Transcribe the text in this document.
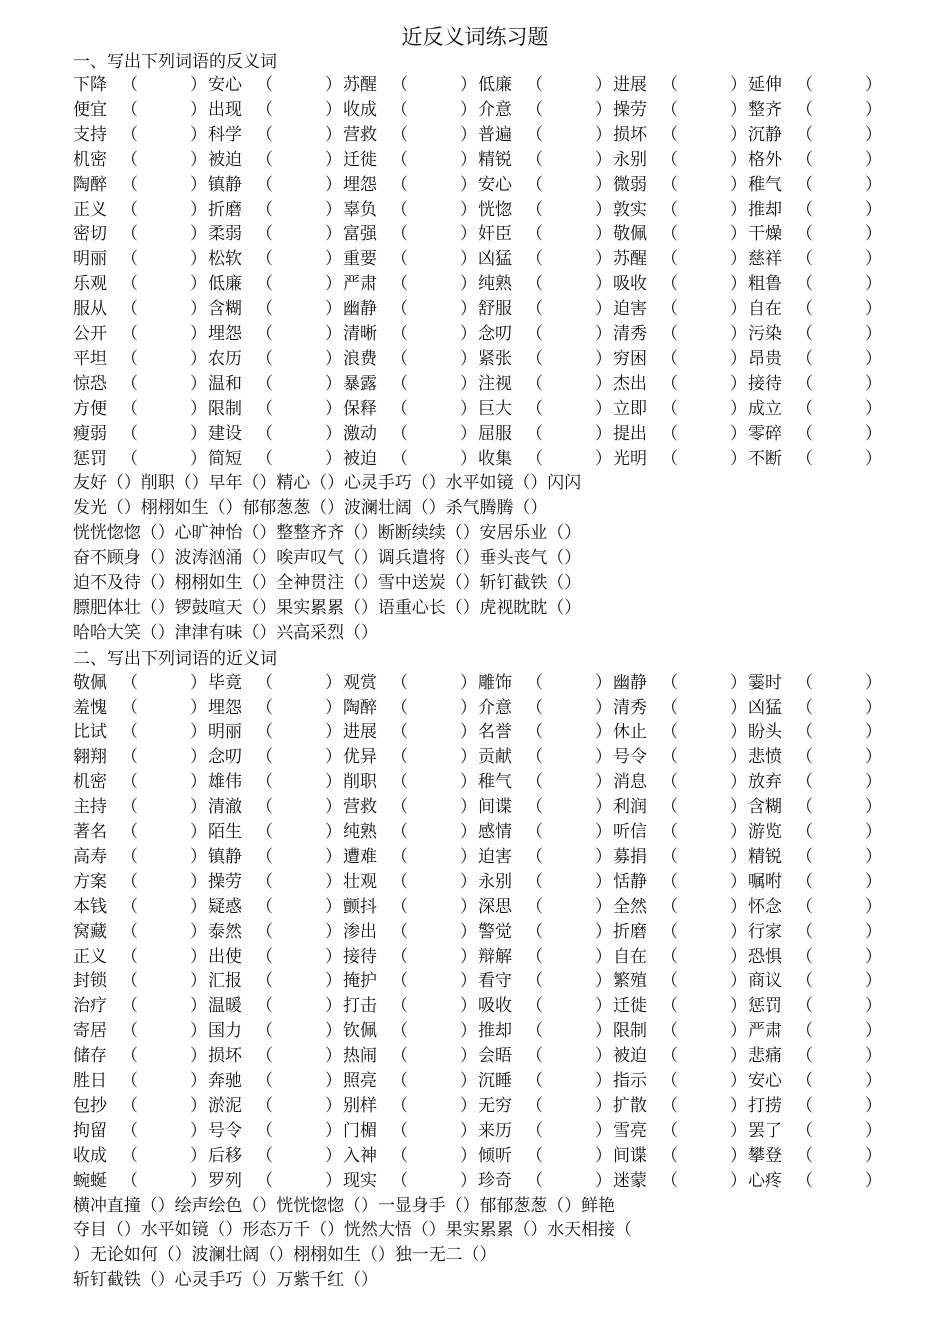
近反义词练习题
一、写出下列词语的反义词
下降 （	） 安心 （	） 苏醒 （	） 低廉 （	） 进展 （	） 延伸 （	）
便宜 （	） 出现 （	） 收成 （	） 介意 （	） 操劳 （	） 整齐 （	）
支持 （	） 科学 （	） 营救 （	） 普遍 （	） 损坏 （	） 沉静 （	）
机密 （	） 被迫 （	） 迁徙 （	） 精锐 （	） 永别 （	） 格外 （	）
陶醉 （	） 镇静 （	） 埋怨 （	） 安心 （	） 微弱 （	） 稚气 （	）
正义 （	） 折磨 （	） 辜负 （	） 恍惚 （	） 敦实 （	） 推却 （	）
密切 （	） 柔弱 （	） 富强 （	） 奸臣 （	） 敬佩 （	） 干燥 （	）
明丽 （	） 松软 （	） 重要 （	） 凶猛 （	） 苏醒 （	） 慈祥 （	）
乐观 （	） 低廉 （	） 严肃 （	） 纯熟 （	） 吸收 （	） 粗鲁 （	）
服从 （	） 含糊 （	） 幽静 （	） 舒服 （	） 迫害 （	） 自在 （	）
公开 （	） 埋怨 （	） 清晰 （	） 念叨 （	） 清秀 （	） 污染 （	）
平坦 （	） 农历 （	） 浪费 （	） 紧张 （	） 穷困 （	） 昂贵 （	）
惊恐 （	） 温和 （	） 暴露 （	） 注视 （	） 杰出 （	） 接待 （	）
方便 （	） 限制 （	） 保释 （	） 巨大 （	） 立即 （	） 成立 （	）
瘦弱 （	） 建设 （	） 激动 （	） 屈服 （	） 提出 （	） 零碎 （	）
惩罚 （	） 简短 （	） 被迫 （	） 收集 （	） 光明 （	） 不断 （	）
友好（）削职（）早年（）精心（）心灵手巧（）水平如镜（）闪闪
发光（）栩栩如生（）郁郁葱葱（）波澜壮阔（）杀气腾腾（）
恍恍惚惚（）心旷神怡（）整整齐齐（）断断续续（）安居乐业（）
奋不顾身（）波涛汹涌（）唉声叹气（）调兵遣将（）垂头丧气（）
迫不及待（）栩栩如生（）全神贯注（）雪中送炭（）斩钉截铁（）
膘肥体壮（）锣鼓喧天（）果实累累（）语重心长（）虎视眈眈（）
哈哈大笑（）津津有味（）兴高采烈（）
二、写出下列词语的近义词
敬佩 （	） 毕竟 （	） 观赏 （	） 雕饰 （	） 幽静 （	） 霎时 （	）
羞愧 （	） 埋怨 （	） 陶醉 （	） 介意 （	） 清秀 （	） 凶猛 （	）
比试 （	） 明丽 （	） 进展 （	） 名誉 （	） 休止 （	） 盼头 （	）
翱翔 （	） 念叨 （	） 优异 （	） 贡献 （	） 号令 （	） 悲愤 （	）
机密 （	） 雄伟 （	） 削职 （	） 稚气 （	） 消息 （	） 放弃 （	）
主持 （	） 清澈 （	） 营救 （	） 间谍 （	） 利润 （	） 含糊 （	）
著名 （	） 陌生 （	） 纯熟 （	） 感情 （	） 听信 （	） 游览 （	）
高寿 （	） 镇静 （	） 遭难 （	） 迫害 （	） 募捐 （	） 精锐 （	）
方案 （	） 操劳 （	） 壮观 （	） 永别 （	） 恬静 （	） 嘱咐 （	）
本钱 （	） 疑惑 （	） 颤抖 （	） 深思 （	） 全然 （	） 怀念 （	）
窝藏 （	） 泰然 （	） 渗出 （	） 警觉 （	） 折磨 （	） 行家 （	）
正义 （	） 出使 （	） 接待 （	） 辩解 （	） 自在 （	） 恐惧 （	）
封锁 （	） 汇报 （	） 掩护 （	） 看守 （	） 繁殖 （	） 商议 （	）
治疗 （	） 温暖 （	） 打击 （	） 吸收 （	） 迁徙 （	） 惩罚 （	）
寄居 （	） 国力 （	） 钦佩 （	） 推却 （	） 限制 （	） 严肃 （	）
储存 （	） 损坏 （	） 热闹 （	） 会晤 （	） 被迫 （	） 悲痛 （	）
胜日 （	） 奔驰 （	） 照亮 （	） 沉睡 （	） 指示 （	） 安心 （	）
包抄 （	） 淤泥 （	） 别样 （	） 无穷 （	） 扩散 （	） 打捞 （	）
拘留 （	） 号令 （	） 门楣 （	） 来历 （	） 雪亮 （	） 罢了 （	）
收成 （	） 后移 （	） 入神 （	） 倾听 （	） 间谍 （	） 攀登 （	）
蜿蜒 （	） 罗列 （	） 现实 （	） 珍奇 （	） 迷蒙 （	） 心疼 （	）
横冲直撞（）绘声绘色（）恍恍惚惚（）一显身手（）郁郁葱葱（）鲜艳
夺目（）水平如镜（）形态万千（）恍然大悟（）果实累累（）水天相接（
）无论如何（）波澜壮阔（）栩栩如生（）独一无二（）
斩钉截铁（）心灵手巧（）万紫千红（）
